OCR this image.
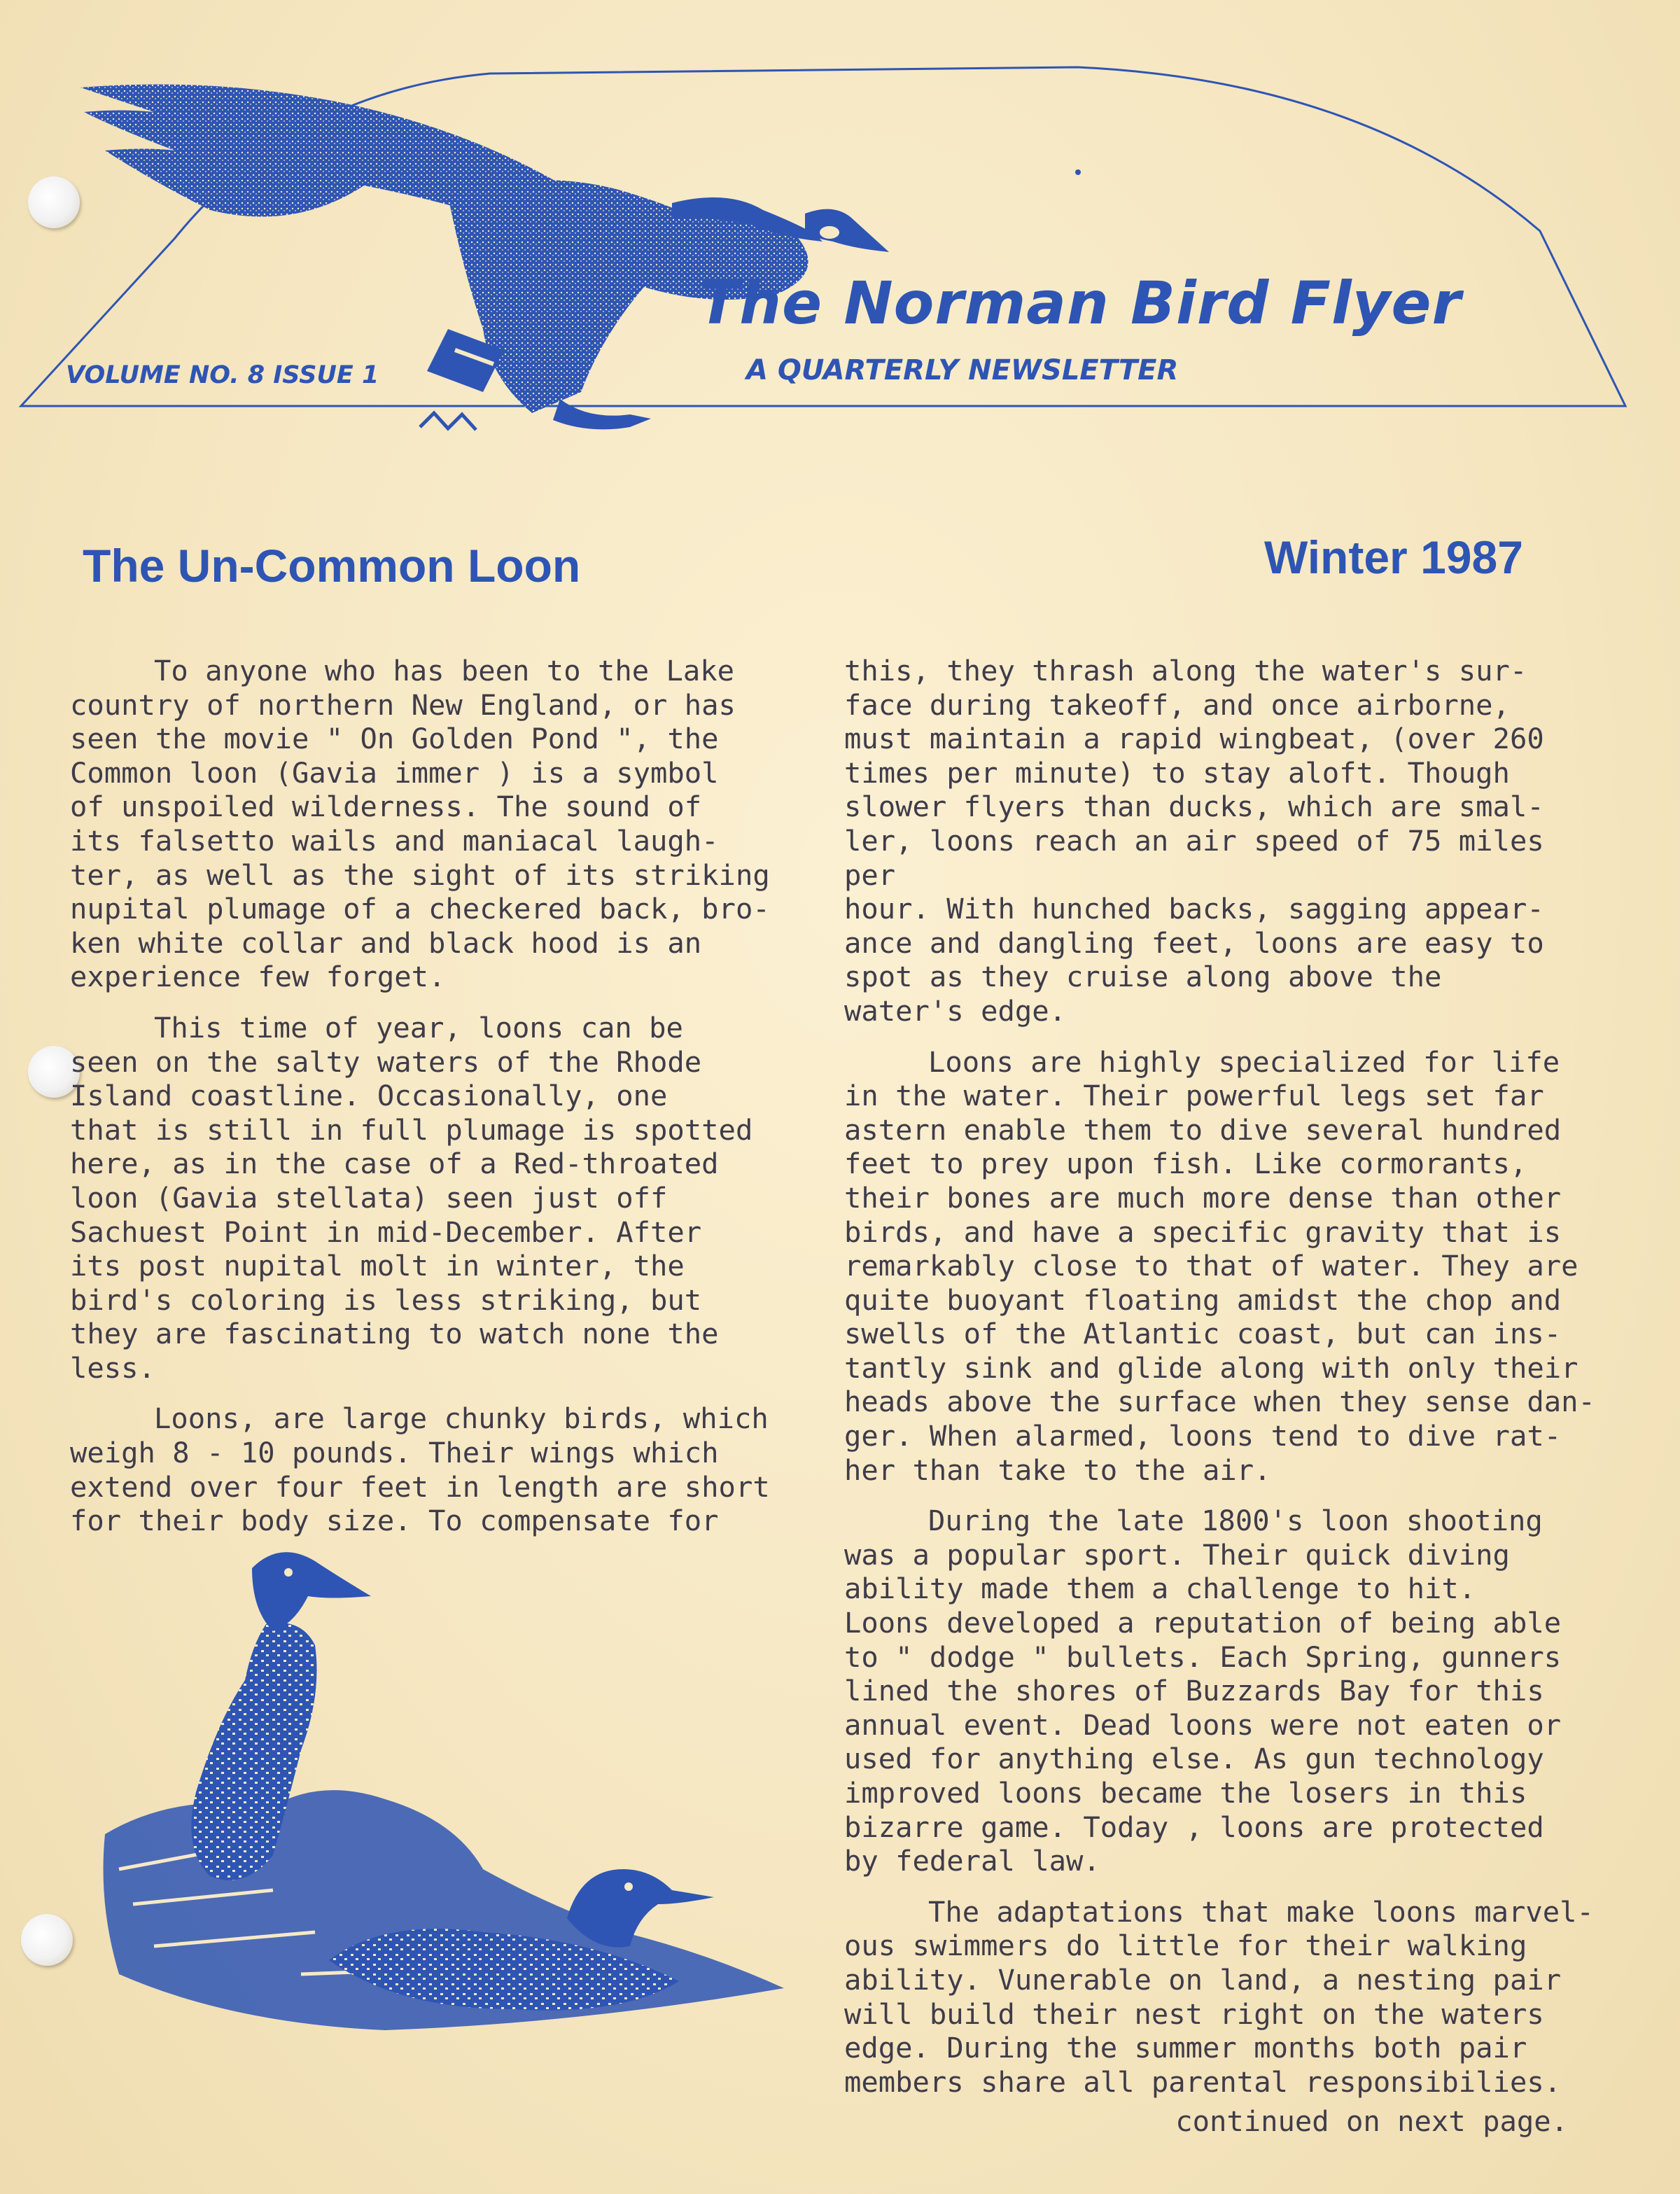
The Norman Bird Flyer
A QUARTERLY NEWSLETTER
VOLUME NO. 8 ISSUE 1
The Un-Common Loon	Winter 1987

To anyone who has been to the Lake
country of northern New England, or has
seen the movie " On Golden Pond ", the
Common loon (Gavia immer ) is a symbol
of unspoiled wilderness. The sound of
its falsetto wails and maniacal laugh-
ter, as well as the sight of its striking
nupital plumage of a checkered back, bro-
ken white collar and black hood is an
experience few forget.

This time of year, loons can be
seen on the salty waters of the Rhode
Island coastline. Occasionally, one
that is still in full plumage is spotted
here, as in the case of a Red-throated
loon (Gavia stellata) seen just off
Sachuest Point in mid-December. After
its post nupital molt in winter, the
bird's coloring is less striking, but
they are fascinating to watch none the
less.

Loons, are large chunky birds, which
weigh 8 - 10 pounds. Their wings which
extend over four feet in length are short
for their body size. To compensate for

this, they thrash along the water's sur-
face during takeoff, and once airborne,
must maintain a rapid wingbeat, (over 260
times per minute) to stay aloft. Though
slower flyers than ducks, which are smal-
ler, loons reach an air speed of 75 miles per
hour. With hunched backs, sagging appear-
ance and dangling feet, loons are easy to
spot as they cruise along above the
water's edge.

Loons are highly specialized for life
in the water. Their powerful legs set far
astern enable them to dive several hundred
feet to prey upon fish. Like cormorants,
their bones are much more dense than other
birds, and have a specific gravity that is
remarkably close to that of water. They are
quite buoyant floating amidst the chop and
swells of the Atlantic coast, but can ins-
tantly sink and glide along with only their
heads above the surface when they sense dan-
ger. When alarmed, loons tend to dive rat-
her than take to the air.

During the late 1800's loon shooting
was a popular sport. Their quick diving
ability made them a challenge to hit.
Loons developed a reputation of being able
to " dodge " bullets. Each Spring, gunners
lined the shores of Buzzards Bay for this
annual event. Dead loons were not eaten or
used for anything else. As gun technology
improved loons became the losers in this
bizarre game. Today , loons are protected
by federal law.

The adaptations that make loons marvel-
ous swimmers do little for their walking
ability. Vunerable on land, a nesting pair
will build their nest right on the waters
edge. During the summer months both pair
members share all parental responsibilies.

continued on next page.
